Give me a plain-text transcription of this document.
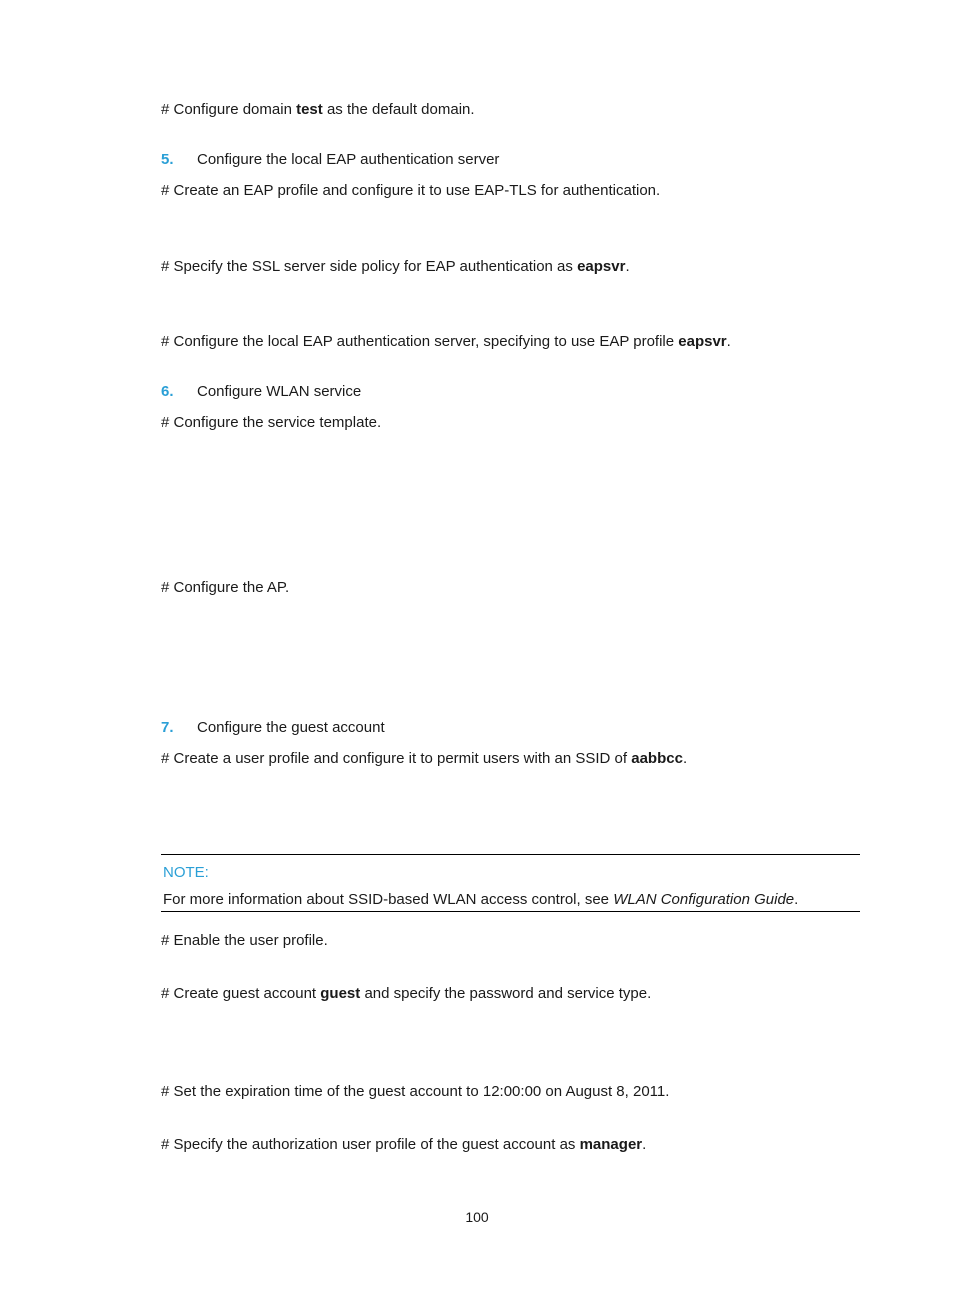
# Configure domain test as the default domain.
5. Configure the local EAP authentication server
# Create an EAP profile and configure it to use EAP-TLS for authentication.
# Specify the SSL server side policy for EAP authentication as eapsvr.
# Configure the local EAP authentication server, specifying to use EAP profile eapsvr.
6. Configure WLAN service
# Configure the service template.
# Configure the AP.
7. Configure the guest account
# Create a user profile and configure it to permit users with an SSID of aabbcc.
NOTE:
For more information about SSID-based WLAN access control, see WLAN Configuration Guide.
# Enable the user profile.
# Create guest account guest and specify the password and service type.
# Set the expiration time of the guest account to 12:00:00 on August 8, 2011.
# Specify the authorization user profile of the guest account as manager.
100
